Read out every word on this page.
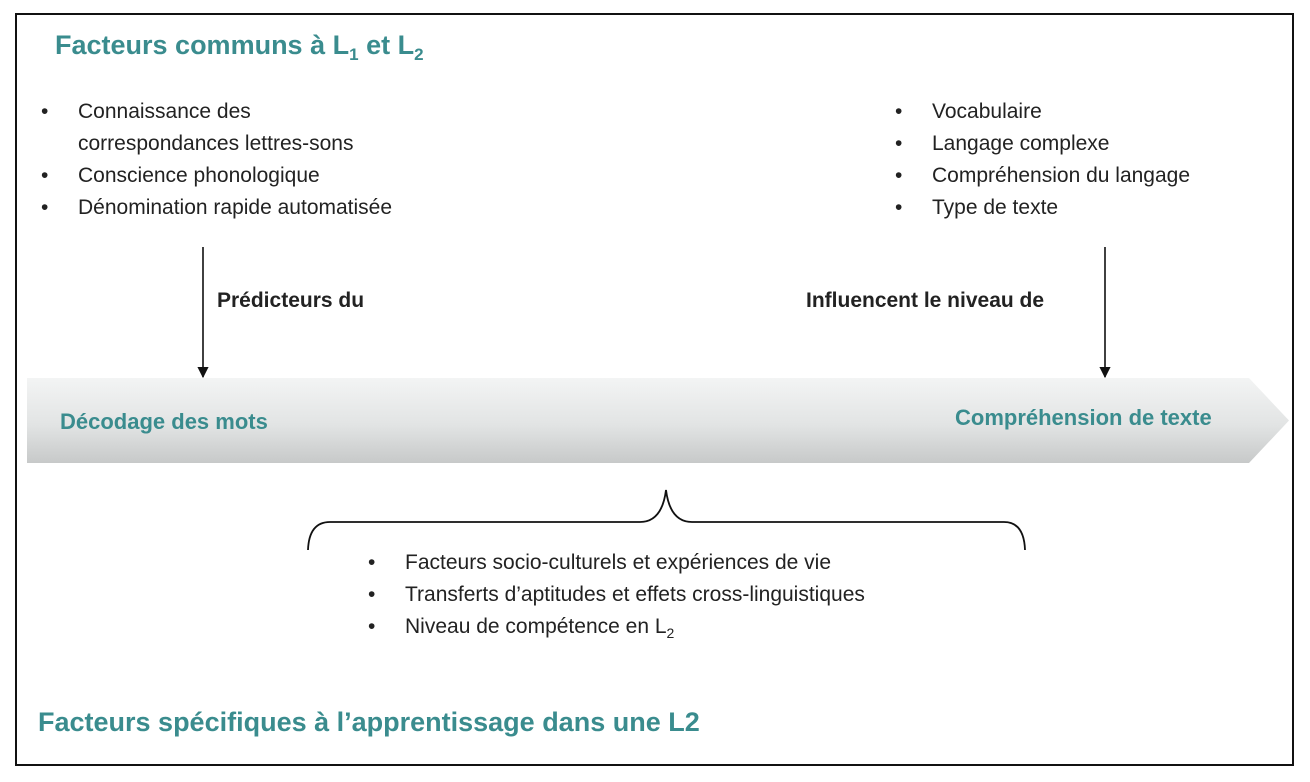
Facteurs communs à $L_1$ et $L_2$
• Connaissance des
correspondances lettres-sons
• Conscience phonologique
• Dénomination rapide automatisée
• Vocabulaire
• Langage complexe
• Compréhension du langage
• Type de texte
Prédicteurs du	Influencent le niveau de
Décodage des mots	Compréhension de texte
• Facteurs socio-culturels et expériences de vie
• Transferts d’aptitudes et effets cross-linguistiques
• Niveau de compétence en $L_2$
Facteurs spécifiques à l’apprentissage dans une L2
